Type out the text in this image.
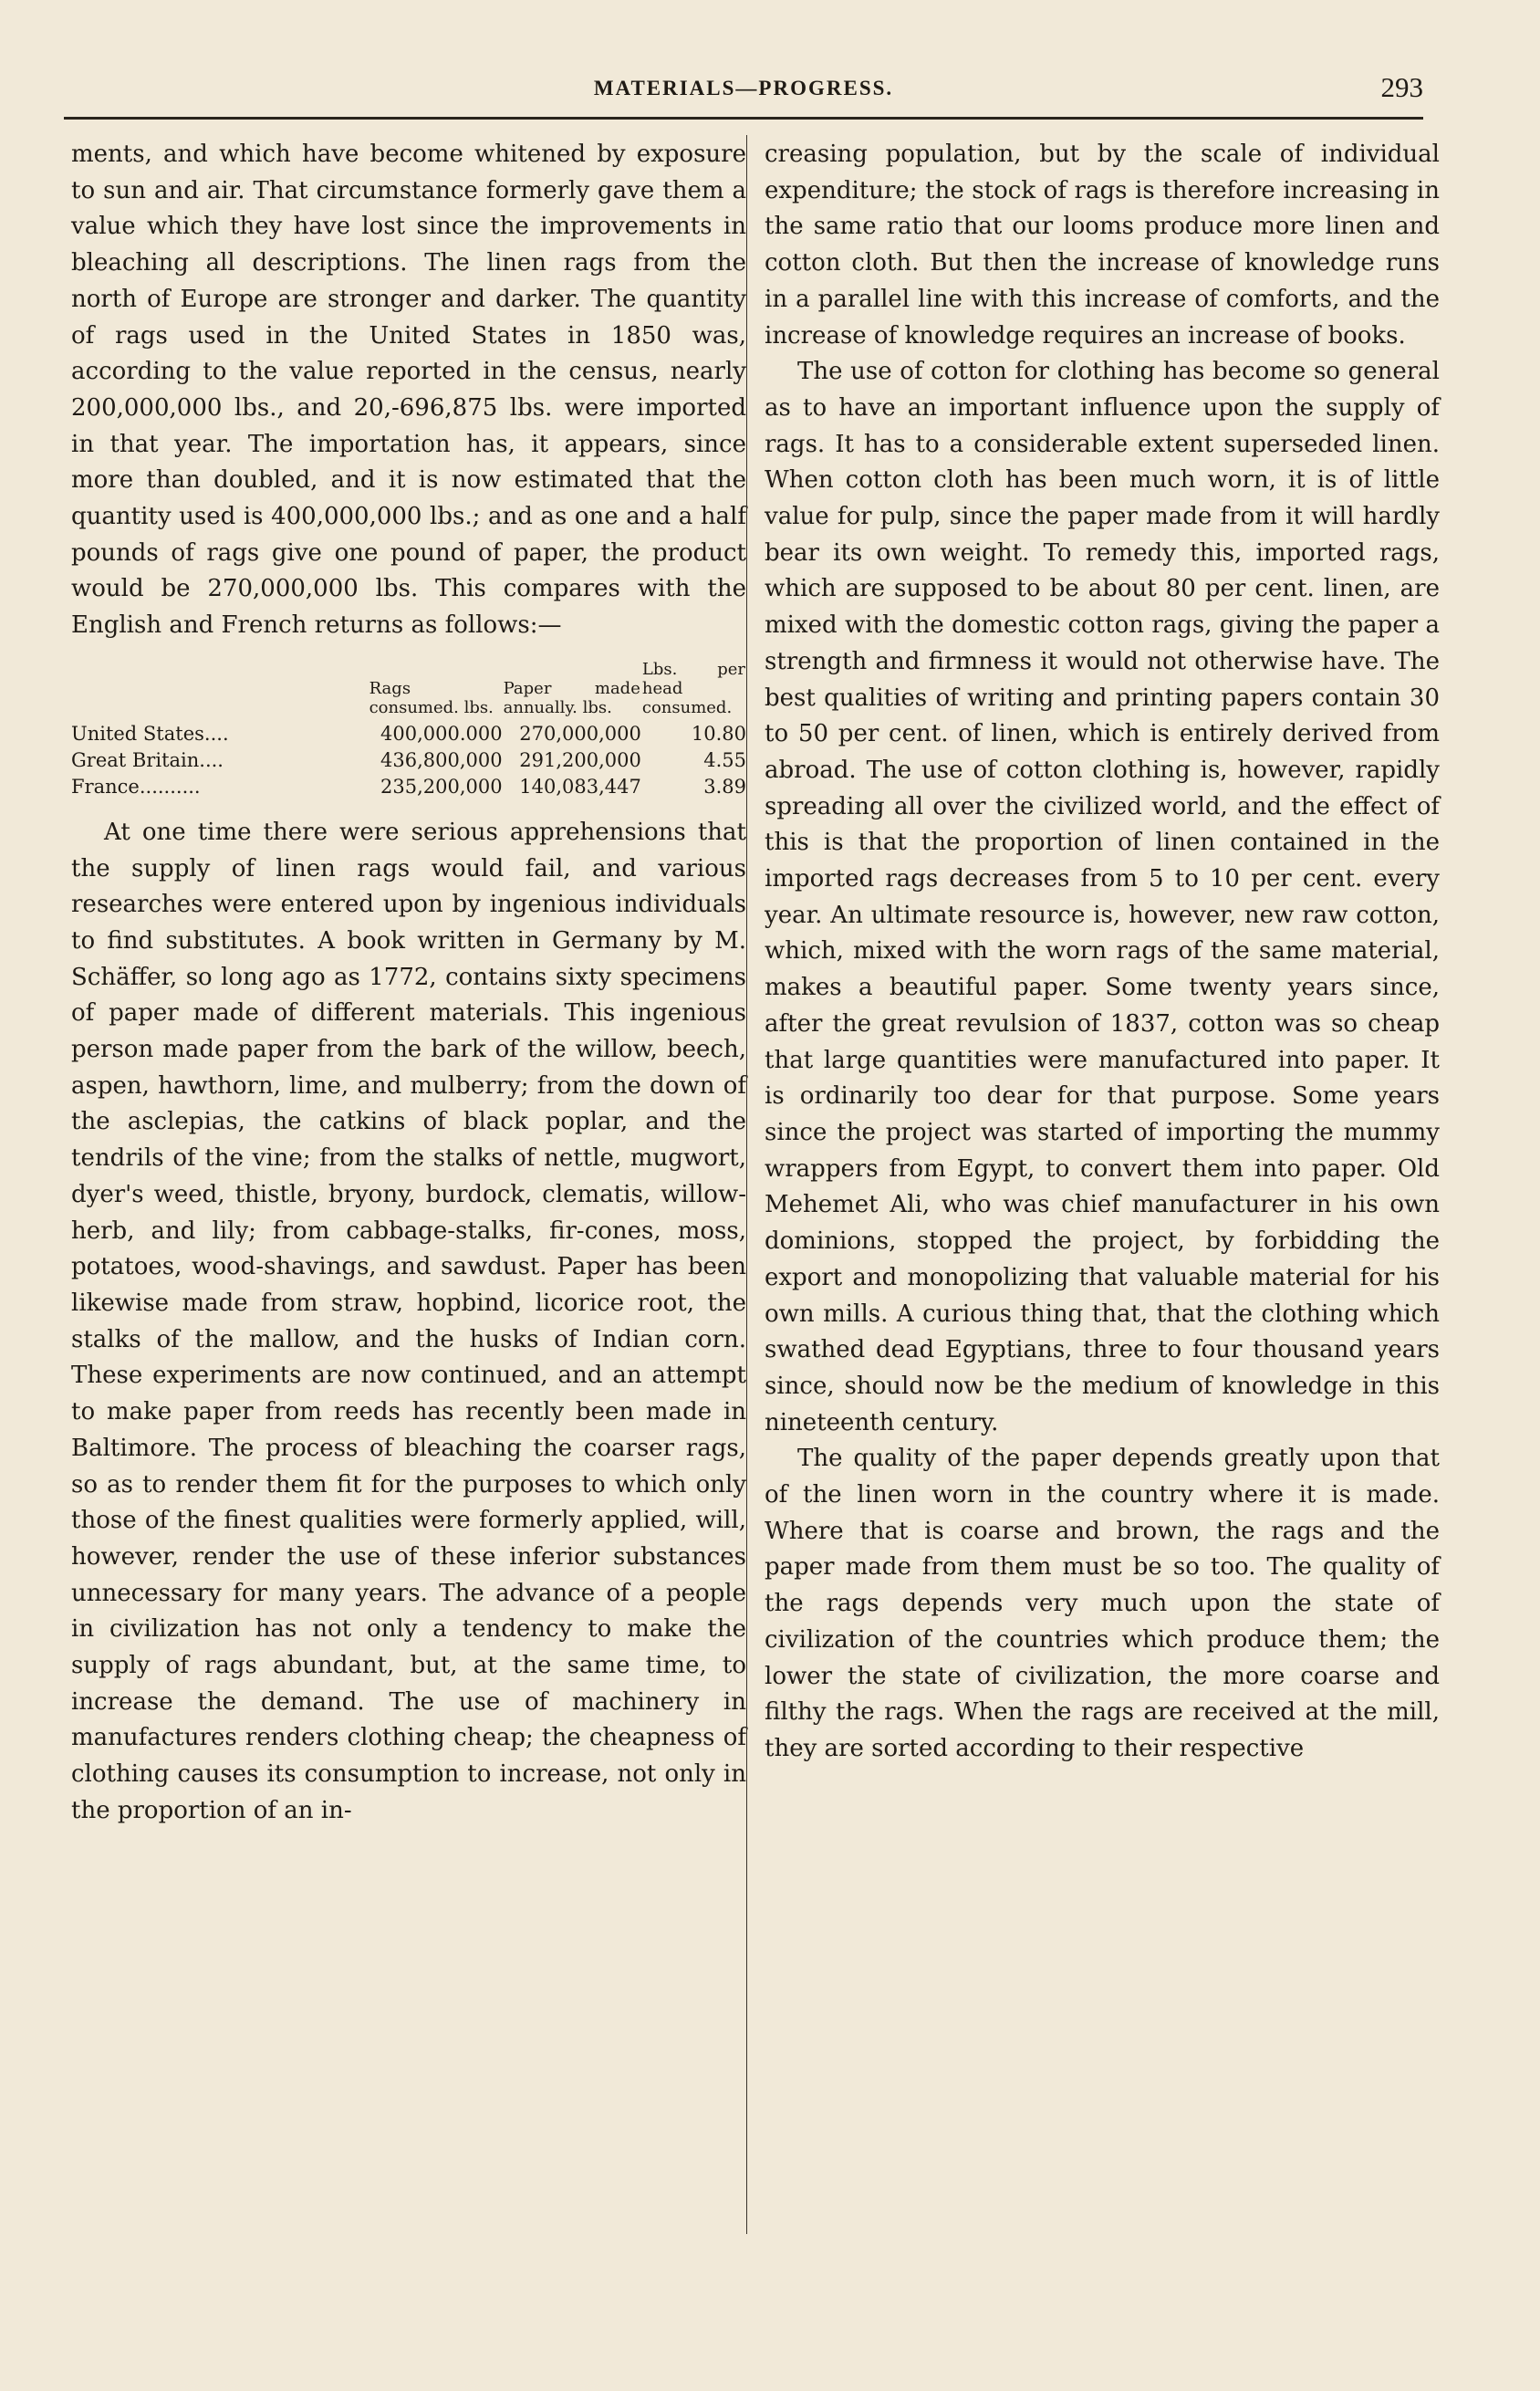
MATERIALS—PROGRESS.	293

ments, and which have become whitened by exposure to sun and air. That circumstance formerly gave them a value which they have lost since the improvements in bleaching all descriptions. The linen rags from the north of Europe are stronger and darker. The quantity of rags used in the United States in 1850 was, according to the value reported in the census, nearly 200,000,000 lbs., and 20,-696,875 lbs. were imported in that year. The importation has, it appears, since more than doubled, and it is now estimated that the quantity used is 400,000,000 lbs.; and as one and a half pounds of rags give one pound of paper, the product would be 270,000,000 lbs. This compares with the English and French returns as follows:—

	Rags consumed. lbs.	Paper made annually. lbs.	Lbs. per head consumed.
United States....	400,000.000	270,000,000	10.80
Great Britain....	436,800,000	291,200,000	4.55
France..........	235,200,000	140,083,447	3.89

At one time there were serious apprehensions that the supply of linen rags would fail, and various researches were entered upon by ingenious individuals to find substitutes. A book written in Germany by M. Schäffer, so long ago as 1772, contains sixty specimens of paper made of different materials. This ingenious person made paper from the bark of the willow, beech, aspen, hawthorn, lime, and mulberry; from the down of the asclepias, the catkins of black poplar, and the tendrils of the vine; from the stalks of nettle, mugwort, dyer's weed, thistle, bryony, burdock, clematis, willow-herb, and lily; from cabbage-stalks, fir-cones, moss, potatoes, wood-shavings, and sawdust. Paper has been likewise made from straw, hopbind, licorice root, the stalks of the mallow, and the husks of Indian corn. These experiments are now continued, and an attempt to make paper from reeds has recently been made in Baltimore. The process of bleaching the coarser rags, so as to render them fit for the purposes to which only those of the finest qualities were formerly applied, will, however, render the use of these inferior substances unnecessary for many years. The advance of a people in civilization has not only a tendency to make the supply of rags abundant, but, at the same time, to increase the demand. The use of machinery in manufactures renders clothing cheap; the cheapness of clothing causes its consumption to increase, not only in the proportion of an in-

creasing population, but by the scale of individual expenditure; the stock of rags is therefore increasing in the same ratio that our looms produce more linen and cotton cloth. But then the increase of knowledge runs in a parallel line with this increase of comforts, and the increase of knowledge requires an increase of books.

The use of cotton for clothing has become so general as to have an important influence upon the supply of rags. It has to a considerable extent superseded linen. When cotton cloth has been much worn, it is of little value for pulp, since the paper made from it will hardly bear its own weight. To remedy this, imported rags, which are supposed to be about 80 per cent. linen, are mixed with the domestic cotton rags, giving the paper a strength and firmness it would not otherwise have. The best qualities of writing and printing papers contain 30 to 50 per cent. of linen, which is entirely derived from abroad. The use of cotton clothing is, however, rapidly spreading all over the civilized world, and the effect of this is that the proportion of linen contained in the imported rags decreases from 5 to 10 per cent. every year. An ultimate resource is, however, new raw cotton, which, mixed with the worn rags of the same material, makes a beautiful paper. Some twenty years since, after the great revulsion of 1837, cotton was so cheap that large quantities were manufactured into paper. It is ordinarily too dear for that purpose. Some years since the project was started of importing the mummy wrappers from Egypt, to convert them into paper. Old Mehemet Ali, who was chief manufacturer in his own dominions, stopped the project, by forbidding the export and monopolizing that valuable material for his own mills. A curious thing that, that the clothing which swathed dead Egyptians, three to four thousand years since, should now be the medium of knowledge in this nineteenth century.

The quality of the paper depends greatly upon that of the linen worn in the country where it is made. Where that is coarse and brown, the rags and the paper made from them must be so too. The quality of the rags depends very much upon the state of civilization of the countries which produce them; the lower the state of civilization, the more coarse and filthy the rags. When the rags are received at the mill, they are sorted according to their respective
